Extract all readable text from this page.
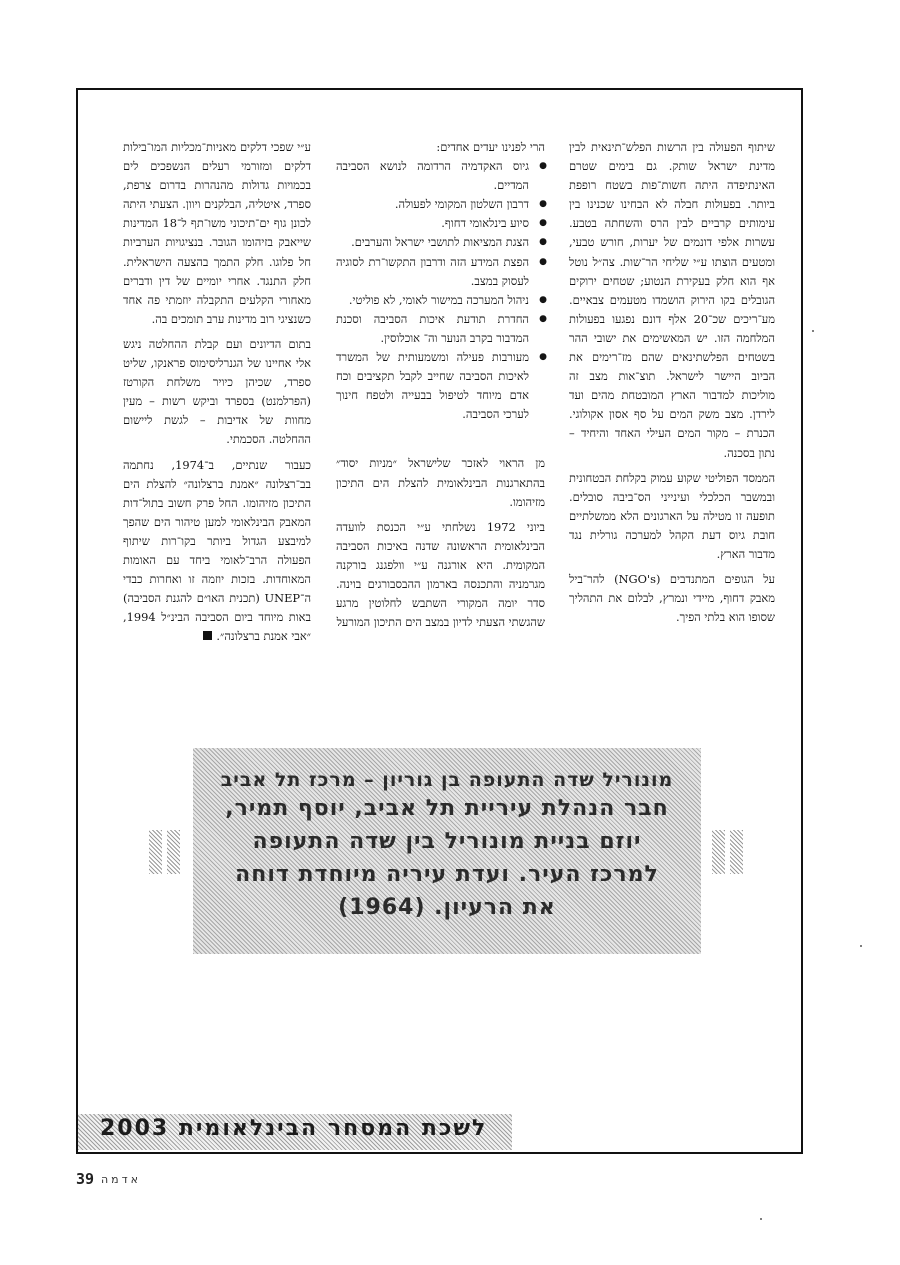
שיתוף הפעולה בין הרשות הפלש־תינאית לבין מדינת ישראל שותק. גם בימים שטרם האינתיפדה היתה חשות־פות בשטח רופפת ביותר. בפעולות חבלה לא הבחינו שכנינו בין עימותים קרביים לבין הרס והשחתה בטבע. עשרות אלפי דונמים של יערות, חורש טבעי, ומטעים הוצתו ע״י שליחי הר־שות. צה״ל נוטל אף הוא חלק בעקירת הנטוע; שטחים ירוקים הגובלים בקו הירוק הושמדו מטעמים צבאיים. מע־ריכים שכ־20 אלף דונם נפגעו בפעולות המלחמה הזו. יש המאשימים את ישובי ההר בשטחים הפלשתינאים שהם מז־רימים את הביוב היישר לישראל. תוצ־אות מצב זה מוליכות למדבור הארץ המובטחת מהים ועד לירדן. מצב משק המים על סף אסון אקולוגי. הכנרת – מקור המים העילי האחד והיחיד – נתון בסכנה.

הממסד הפוליטי שקוע עמוק בקלחת הבטחונית ובמשבר הכלכלי ועינייני הס־ביבה סובלים. תופעה זו מטילה על הארגונים הלא ממשלתיים חובת גיוס דעת הקהל למערכה גורלית נגד מדבור הארץ.

על הגופים המתנדבים (NGO's) להר־ביל מאבק דחוף, מיידי ונמרץ, לבלום את התהליך שסופו הוא בלתי הפיך.

הרי לפנינו יעדים אחדים:

● גיוס האקדמיה הרדומה לנושא הסביבה המדיים.
● דרבון השלטון המקומי לפעולה.
● סיוע בינלאומי דחוף.
● הצגת המציאות לתושבי ישראל והערבים.
● הפצת המידע הזה ודרבון התקשו־רת לסוגיה לעסוק במצב.
● ניהול המערכה במישור לאומי, לא פוליטי.
● החדרת תודעת איכות הסביבה וסכנת המדבור בקרב הנוער וה־ אוכלוסין.
● מעורבות פעילה ומשמעותית של המשרד לאיכות הסביבה שחייב לקבל תקציבים וכח אדם מיוחד לטיפול בבעייה ולטפח חינוך לערכי הסביבה.

מן הראוי לאזכר שלישראל ״מניות יסוד״ בהתארגנות הבינלאומית להצלת הים התיכון מזיהומו.

ביוני 1972 נשלחתי ע״י הכנסת לוועדה הבינלאומית הראשונה שדנה באיכות הסביבה המקומית. היא אורגנה ע״י וולפגנג בורקנה מגרמניה והתכנסה בארמון ההבסבורגים בוינה. סדר יומה המקורי השתבש לחלוטין מרגע שהגשתי הצעתי לדיון במצב הים התיכון המורעל

ע״י שפכי דלקים מאניות־מכליות המו־בילות דלקים ומזורמי רעלים הנשפכים לים בכמויות גדולות מהנהרות בדרום צרפת, ספרד, איטליה, הבלקנים ויוון. הצעתי היתה לכונן גוף ים־תיכוני משו־תף ל־18 המדינות שייאבק בזיהומו הגובר. בנציגויות הערביות חל פלוגו. חלק התמך בהצעה הישראלית. חלק התנגד. אחרי יומיים של דין ודברים מאחורי הקלעים התקבלה יוזמתי פה אחד כשנציגי רוב מדינות ערב תומכים בה.

בתום הדיונים ועם קבלת ההחלטה ניגש אלי אחיינו של הגנרליסימוס פראנקו, שליט ספרד, שכיהן כיויר משלחת הקורטז (הפרלמנט) בספרד וביקש רשות – מעין מחוות של אדיבות – לגשת ליישום ההחלטה. הסכמתי.

כעבור שנתיים, ב־1974, נחתמה בב־רצלונה ״אמנת ברצלונה״ להצלת הים התיכון מזיהומו. החל פרק חשוב בתול־דות המאבק הבינלאומי למען טיהור הים שהפך למיבצע הגדול ביותר בקו־רות שיתוף הפעולה הרב־לאומי ביחד עם האומות המאוחדות. בזכות יוזמה זו ואחרות כבדי ה־UNEP (תכנית האו״ם להגנת הסביבה) באות מיוחד ביום הסביבה הבינ״ל 1994, ״אבי אמנת ברצלונה״.

לשכת המסחר הבינלאומית 2003
מונוריל שדה התעופה בן גוריון – מרכז תל אביב
חבר הנהלת עיריית תל אביב, יוסף תמיר,
יוזם בניית מונוריל בין שדה התעופה
למרכז העיר. ועדת עיריה מיוחדת דוחה
את הרעיון. (1964)
39 אדמה
